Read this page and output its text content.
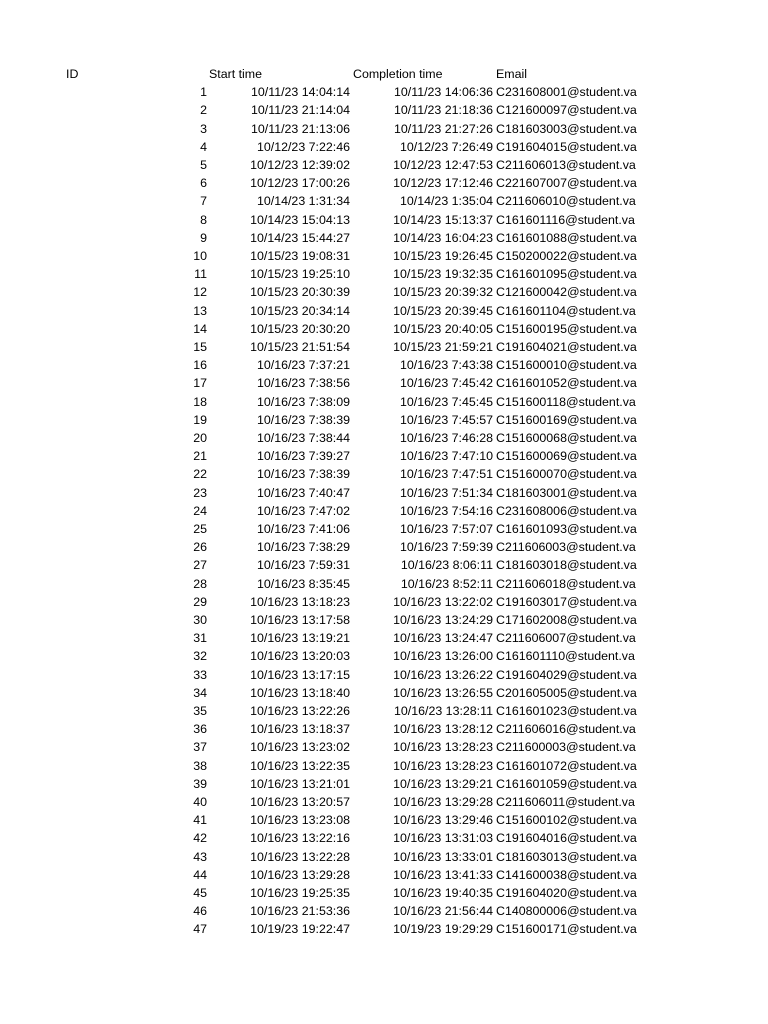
ID	Start time	Completion time	Email
1	10/11/23 14:04:14	10/11/23 14:06:36 C231608001@student.va
2	10/11/23 21:14:04	10/11/23 21:18:36 C121600097@student.va
3	10/11/23 21:13:06	10/11/23 21:27:26 C181603003@student.va
4	10/12/23 7:22:46	10/12/23 7:26:49 C191604015@student.va
5	10/12/23 12:39:02	10/12/23 12:47:53 C211606013@student.va
6	10/12/23 17:00:26	10/12/23 17:12:46 C221607007@student.va
7	10/14/23 1:31:34	10/14/23 1:35:04 C211606010@student.va
8	10/14/23 15:04:13	10/14/23 15:13:37 C161601116@student.va
9	10/14/23 15:44:27	10/14/23 16:04:23 C161601088@student.va
10	10/15/23 19:08:31	10/15/23 19:26:45 C150200022@student.va
11	10/15/23 19:25:10	10/15/23 19:32:35 C161601095@student.va
12	10/15/23 20:30:39	10/15/23 20:39:32 C121600042@student.va
13	10/15/23 20:34:14	10/15/23 20:39:45 C161601104@student.va
14	10/15/23 20:30:20	10/15/23 20:40:05 C151600195@student.va
15	10/15/23 21:51:54	10/15/23 21:59:21 C191604021@student.va
16	10/16/23 7:37:21	10/16/23 7:43:38 C151600010@student.va
17	10/16/23 7:38:56	10/16/23 7:45:42 C161601052@student.va
18	10/16/23 7:38:09	10/16/23 7:45:45 C151600118@student.va
19	10/16/23 7:38:39	10/16/23 7:45:57 C151600169@student.va
20	10/16/23 7:38:44	10/16/23 7:46:28 C151600068@student.va
21	10/16/23 7:39:27	10/16/23 7:47:10 C151600069@student.va
22	10/16/23 7:38:39	10/16/23 7:47:51 C151600070@student.va
23	10/16/23 7:40:47	10/16/23 7:51:34 C181603001@student.va
24	10/16/23 7:47:02	10/16/23 7:54:16 C231608006@student.va
25	10/16/23 7:41:06	10/16/23 7:57:07 C161601093@student.va
26	10/16/23 7:38:29	10/16/23 7:59:39 C211606003@student.va
27	10/16/23 7:59:31	10/16/23 8:06:11 C181603018@student.va
28	10/16/23 8:35:45	10/16/23 8:52:11 C211606018@student.va
29	10/16/23 13:18:23	10/16/23 13:22:02 C191603017@student.va
30	10/16/23 13:17:58	10/16/23 13:24:29 C171602008@student.va
31	10/16/23 13:19:21	10/16/23 13:24:47 C211606007@student.va
32	10/16/23 13:20:03	10/16/23 13:26:00 C161601110@student.va
33	10/16/23 13:17:15	10/16/23 13:26:22 C191604029@student.va
34	10/16/23 13:18:40	10/16/23 13:26:55 C201605005@student.va
35	10/16/23 13:22:26	10/16/23 13:28:11 C161601023@student.va
36	10/16/23 13:18:37	10/16/23 13:28:12 C211606016@student.va
37	10/16/23 13:23:02	10/16/23 13:28:23 C211600003@student.va
38	10/16/23 13:22:35	10/16/23 13:28:23 C161601072@student.va
39	10/16/23 13:21:01	10/16/23 13:29:21 C161601059@student.va
40	10/16/23 13:20:57	10/16/23 13:29:28 C211606011@student.va
41	10/16/23 13:23:08	10/16/23 13:29:46 C151600102@student.va
42	10/16/23 13:22:16	10/16/23 13:31:03 C191604016@student.va
43	10/16/23 13:22:28	10/16/23 13:33:01 C181603013@student.va
44	10/16/23 13:29:28	10/16/23 13:41:33 C141600038@student.va
45	10/16/23 19:25:35	10/16/23 19:40:35 C191604020@student.va
46	10/16/23 21:53:36	10/16/23 21:56:44 C140800006@student.va
47	10/19/23 19:22:47	10/19/23 19:29:29 C151600171@student.va
